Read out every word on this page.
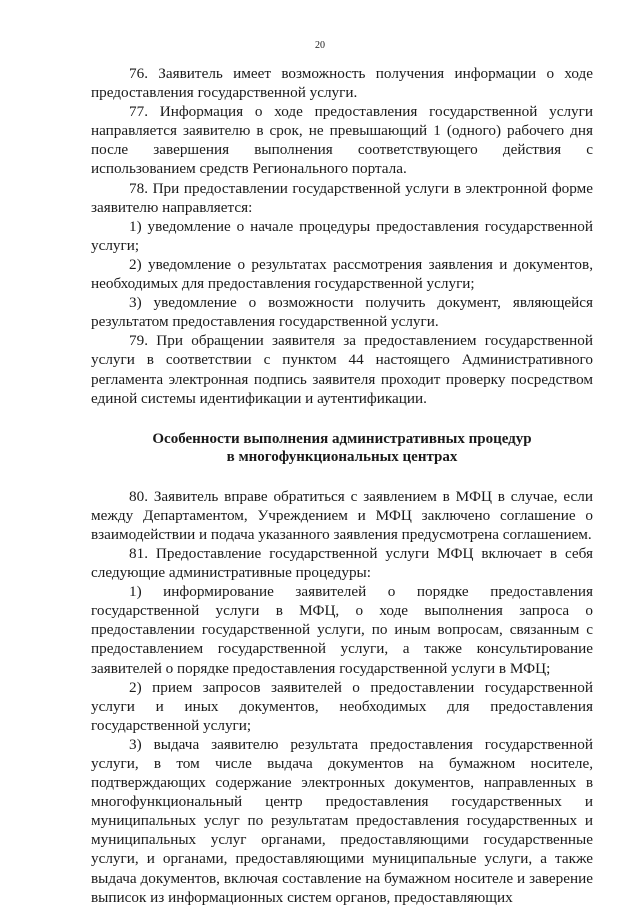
20

76. Заявитель имеет возможность получения информации о ходе предоставления государственной услуги.

77. Информация о ходе предоставления государственной услуги направляется заявителю в срок, не превышающий 1 (одного) рабочего дня после завершения выполнения соответствующего действия с использованием средств Регионального портала.

78. При предоставлении государственной услуги в электронной форме заявителю направляется:

1) уведомление о начале процедуры предоставления государственной услуги;

2) уведомление о результатах рассмотрения заявления и документов, необходимых для предоставления государственной услуги;

3) уведомление о возможности получить документ, являющейся результатом предоставления государственной услуги.

79. При обращении заявителя за предоставлением государственной услуги в соответствии с пунктом 44 настоящего Административного регламента электронная подпись заявителя проходит проверку посредством единой системы идентификации и аутентификации.

Особенности выполнения административных процедур
в многофункциональных центрах

80. Заявитель вправе обратиться с заявлением в МФЦ в случае, если между Департаментом, Учреждением и МФЦ заключено соглашение о взаимодействии и подача указанного заявления предусмотрена соглашением.

81. Предоставление государственной услуги МФЦ включает в себя следующие административные процедуры:

1) информирование заявителей о порядке предоставления государственной услуги в МФЦ, о ходе выполнения запроса о предоставлении государственной услуги, по иным вопросам, связанным с предоставлением государственной услуги, а также консультирование заявителей о порядке предоставления государственной услуги в МФЦ;

2) прием запросов заявителей о предоставлении государственной услуги и иных документов, необходимых для предоставления государственной услуги;

3) выдача заявителю результата предоставления государственной услуги, в том числе выдача документов на бумажном носителе, подтверждающих содержание электронных документов, направленных в многофункциональный центр предоставления государственных и муниципальных услуг по результатам предоставления государственных и муниципальных услуг органами, предоставляющими государственные услуги, и органами, предоставляющими муниципальные услуги, а также выдача документов, включая составление на бумажном носителе и заверение выписок из информационных систем органов, предоставляющих
